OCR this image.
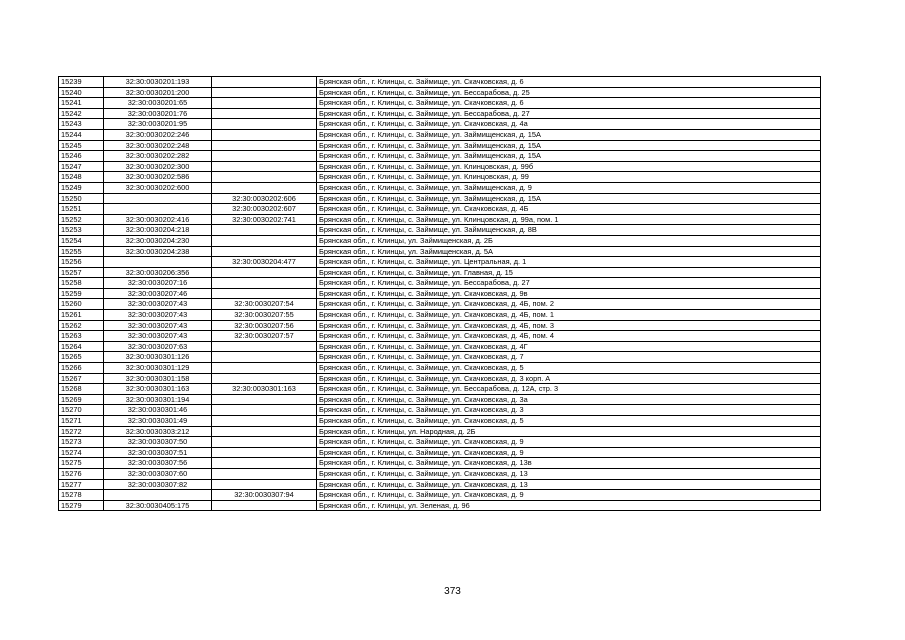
15239	32:30:0030201:193		Брянская обл., г. Клинцы, с. Займище, ул. Скачковская, д. 6
15240	32:30:0030201:200		Брянская обл., г. Клинцы, с. Займище, ул. Бессарабова, д. 25
15241	32:30:0030201:65		Брянская обл., г. Клинцы, с. Займище, ул. Скачковская, д. 6
15242	32:30:0030201:76		Брянская обл., г. Клинцы, с. Займище, ул. Бессарабова, д. 27
15243	32:30:0030201:95		Брянская обл., г. Клинцы, с. Займище, ул. Скачковская, д. 4а
15244	32:30:0030202:246		Брянская обл., г. Клинцы, с. Займище, ул. Займищенская, д. 15А
15245	32:30:0030202:248		Брянская обл., г. Клинцы, с. Займище, ул. Займищенская, д. 15А
15246	32:30:0030202:282		Брянская обл., г. Клинцы, с. Займище, ул. Займищенская, д. 15А
15247	32:30:0030202:300		Брянская обл., г. Клинцы, с. Займище, ул. Клинцовская, д. 99б
15248	32:30:0030202:586		Брянская обл., г. Клинцы, с. Займище, ул. Клинцовская, д. 99
15249	32:30:0030202:600		Брянская обл., г. Клинцы, с. Займище, ул. Займищенская, д. 9
15250		32:30:0030202:606	Брянская обл., г. Клинцы, с. Займище, ул. Займищенская, д. 15А
15251		32:30:0030202:607	Брянская обл., г. Клинцы, с. Займище, ул. Скачковская, д. 4Б
15252	32:30:0030202:416	32:30:0030202:741	Брянская обл., г. Клинцы, с. Займище, ул. Клинцовская, д. 99а, пом. 1
15253	32:30:0030204:218		Брянская обл., г. Клинцы, с. Займище, ул. Займищенская, д. 8В
15254	32:30:0030204:230		Брянская обл., г. Клинцы, ул. Займищенская, д. 2Б
15255	32:30:0030204:238		Брянская обл., г. Клинцы, ул. Займищенская, д. 5А
15256		32:30:0030204:477	Брянская обл., г. Клинцы, с. Займище, ул. Центральная, д. 1
15257	32:30:0030206:356		Брянская обл., г. Клинцы, с. Займище, ул. Главная, д. 15
15258	32:30:0030207:16		Брянская обл., г. Клинцы, с. Займище, ул. Бессарабова, д. 27
15259	32:30:0030207:46		Брянская обл., г. Клинцы, с. Займище, ул. Скачковская, д. 9в
15260	32:30:0030207:43	32:30:0030207:54	Брянская обл., г. Клинцы, с. Займище, ул. Скачковская, д. 4Б, пом. 2
15261	32:30:0030207:43	32:30:0030207:55	Брянская обл., г. Клинцы, с. Займище, ул. Скачковская, д. 4Б, пом. 1
15262	32:30:0030207:43	32:30:0030207:56	Брянская обл., г. Клинцы, с. Займище, ул. Скачковская, д. 4Б, пом. 3
15263	32:30:0030207:43	32:30:0030207:57	Брянская обл., г. Клинцы, с. Займище, ул. Скачковская, д. 4Б, пом. 4
15264	32:30:0030207:63		Брянская обл., г. Клинцы, с. Займище, ул. Скачковская, д. 4Г
15265	32:30:0030301:126		Брянская обл., г. Клинцы, с. Займище, ул. Скачковская, д. 7
15266	32:30:0030301:129		Брянская обл., г. Клинцы, с. Займище, ул. Скачковская, д. 5
15267	32:30:0030301:158		Брянская обл., г. Клинцы, с. Займище, ул. Скачковская, д. 3 корп. А
15268	32:30:0030301:163	32:30:0030301:163	Брянская обл., г. Клинцы, с. Займище, ул. Бессарабова, д. 12А, стр. 3
15269	32:30:0030301:194		Брянская обл., г. Клинцы, с. Займище, ул. Скачковская, д. 3а
15270	32:30:0030301:46		Брянская обл., г. Клинцы, с. Займище, ул. Скачковская, д. 3
15271	32:30:0030301:49		Брянская обл., г. Клинцы, с. Займище, ул. Скачковская, д. 5
15272	32:30:0030303:212		Брянская обл., г. Клинцы, ул. Народная, д. 2Б
15273	32:30:0030307:50		Брянская обл., г. Клинцы, с. Займище, ул. Скачковская, д. 9
15274	32:30:0030307:51		Брянская обл., г. Клинцы, с. Займище, ул. Скачковская, д. 9
15275	32:30:0030307:56		Брянская обл., г. Клинцы, с. Займище, ул. Скачковская, д. 13в
15276	32:30:0030307:60		Брянская обл., г. Клинцы, с. Займище, ул. Скачковская, д. 13
15277	32:30:0030307:82		Брянская обл., г. Клинцы, с. Займище, ул. Скачковская, д. 13
15278		32:30:0030307:94	Брянская обл., г. Клинцы, с. Займище, ул. Скачковская, д. 9
15279	32:30:0030405:175		Брянская обл., г. Клинцы, ул. Зеленая, д. 96
373
